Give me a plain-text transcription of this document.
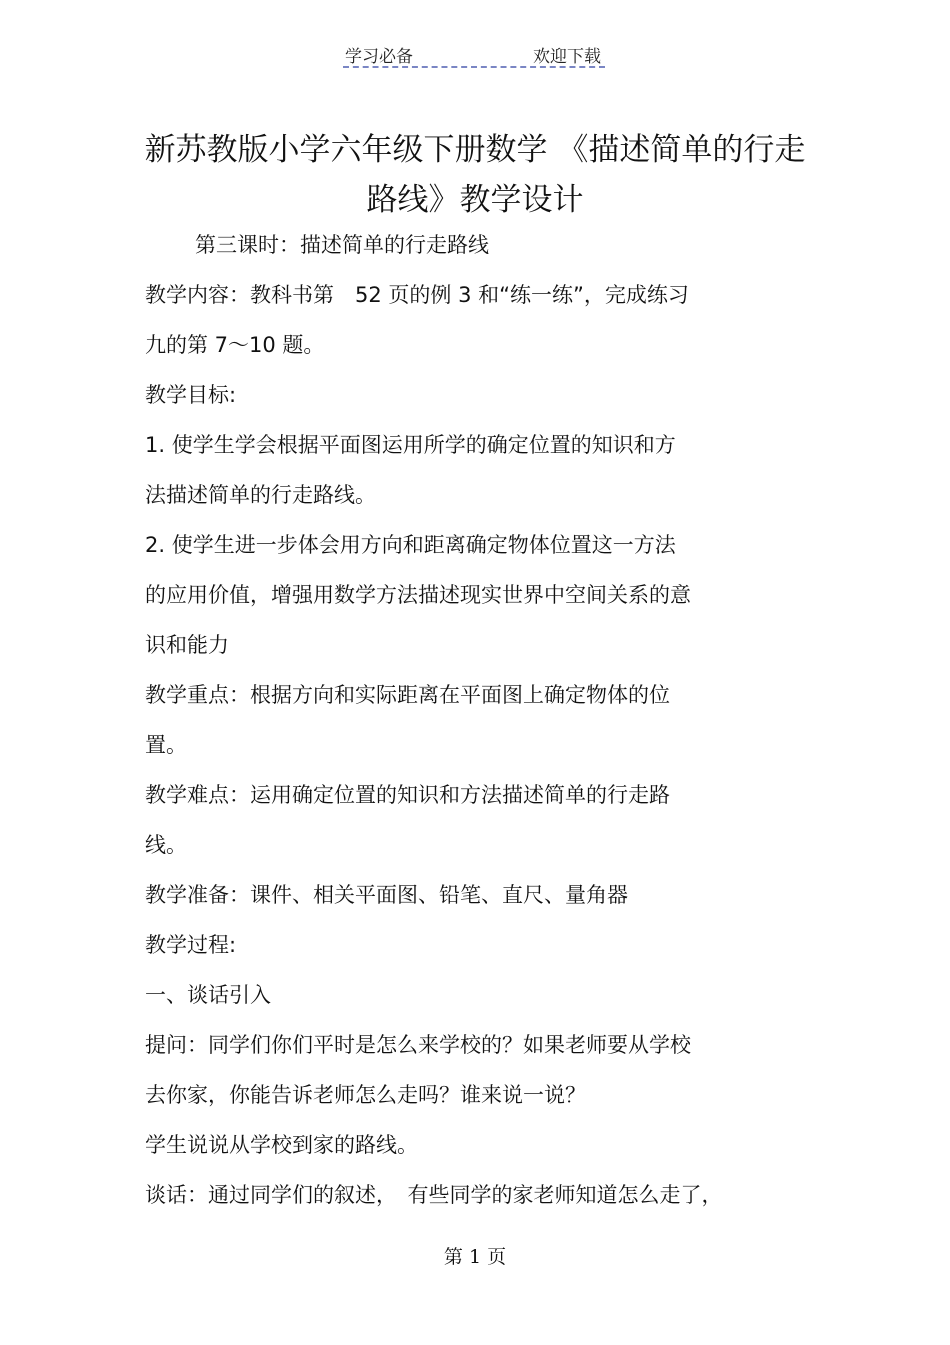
学习必备	欢迎下载
新苏教版小学六年级下册数学 《描述简单的行走
路线》教学设计
第三课时：描述简单的行走路线
教学内容：教科书第　52 页的例 3 和“练一练”，完成练习
九的第 7～10 题。
教学目标:
1. 使学生学会根据平面图运用所学的确定位置的知识和方
法描述简单的行走路线。
2. 使学生进一步体会用方向和距离确定物体位置这一方法
的应用价值，增强用数学方法描述现实世界中空间关系的意
识和能力
教学重点：根据方向和实际距离在平面图上确定物体的位
置。
教学难点：运用确定位置的知识和方法描述简单的行走路
线。
教学准备：课件、相关平面图、铅笔、直尺、量角器
教学过程:
一、谈话引入
提问：同学们你们平时是怎么来学校的？如果老师要从学校
去你家，你能告诉老师怎么走吗？谁来说一说？
学生说说从学校到家的路线。
谈话：通过同学们的叙述，　有些同学的家老师知道怎么走了，
第 1 页
